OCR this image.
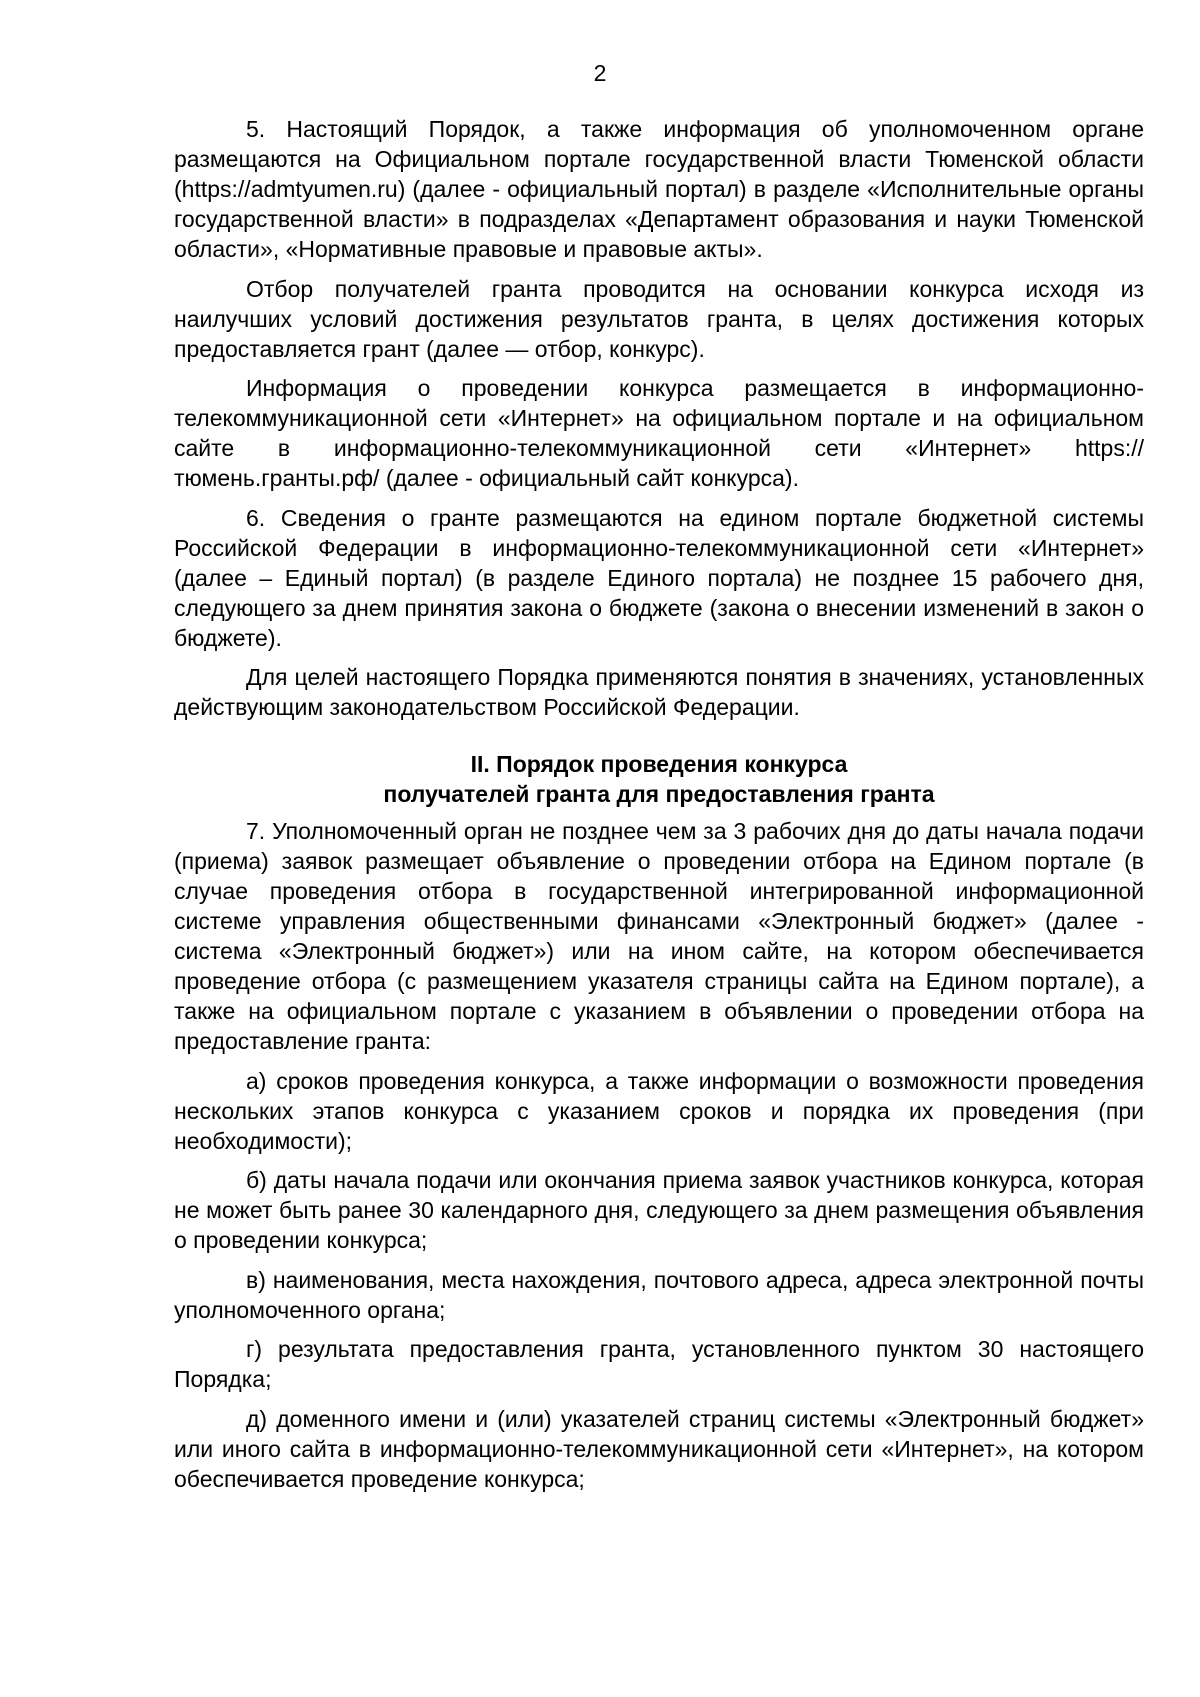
2

5. Настоящий Порядок, а также информация об уполномоченном органе размещаются на Официальном портале государственной власти Тюменской области (https://admtyumen.ru) (далее - официальный портал) в разделе «Исполнительные органы государственной власти» в подразделах «Департамент образования и науки Тюменской области», «Нормативные правовые и правовые акты».

Отбор получателей гранта проводится на основании конкурса исходя из наилучших условий достижения результатов гранта, в целях достижения которых предоставляется грант (далее — отбор, конкурс).

Информация о проведении конкурса размещается в информационно-телекоммуникационной сети «Интернет» на официальном портале и на официальном сайте в информационно-телекоммуникационной сети «Интернет» https://тюмень.гранты.рф/ (далее - официальный сайт конкурса).

6. Сведения о гранте размещаются на едином портале бюджетной системы Российской Федерации в информационно-телекоммуникационной сети «Интернет» (далее – Единый портал) (в разделе Единого портала) не позднее 15 рабочего дня, следующего за днем принятия закона о бюджете (закона о внесении изменений в закон о бюджете).

Для целей настоящего Порядка применяются понятия в значениях, установленных действующим законодательством Российской Федерации.

II. Порядок проведения конкурса
получателей гранта для предоставления гранта

7. Уполномоченный орган не позднее чем за 3 рабочих дня до даты начала подачи (приема) заявок размещает объявление о проведении отбора на Едином портале (в случае проведения отбора в государственной интегрированной информационной системе управления общественными финансами «Электронный бюджет» (далее - система «Электронный бюджет») или на ином сайте, на котором обеспечивается проведение отбора (с размещением указателя страницы сайта на Едином портале), а также на официальном портале с указанием в объявлении о проведении отбора на предоставление гранта:

а) сроков проведения конкурса, а также информации о возможности проведения нескольких этапов конкурса с указанием сроков и порядка их проведения (при необходимости);

б) даты начала подачи или окончания приема заявок участников конкурса, которая не может быть ранее 30 календарного дня, следующего за днем размещения объявления о проведении конкурса;

в) наименования, места нахождения, почтового адреса, адреса электронной почты уполномоченного органа;

г) результата предоставления гранта, установленного пунктом 30 настоящего Порядка;

д) доменного имени и (или) указателей страниц системы «Электронный бюджет» или иного сайта в информационно-телекоммуникационной сети «Интернет», на котором обеспечивается проведение конкурса;
